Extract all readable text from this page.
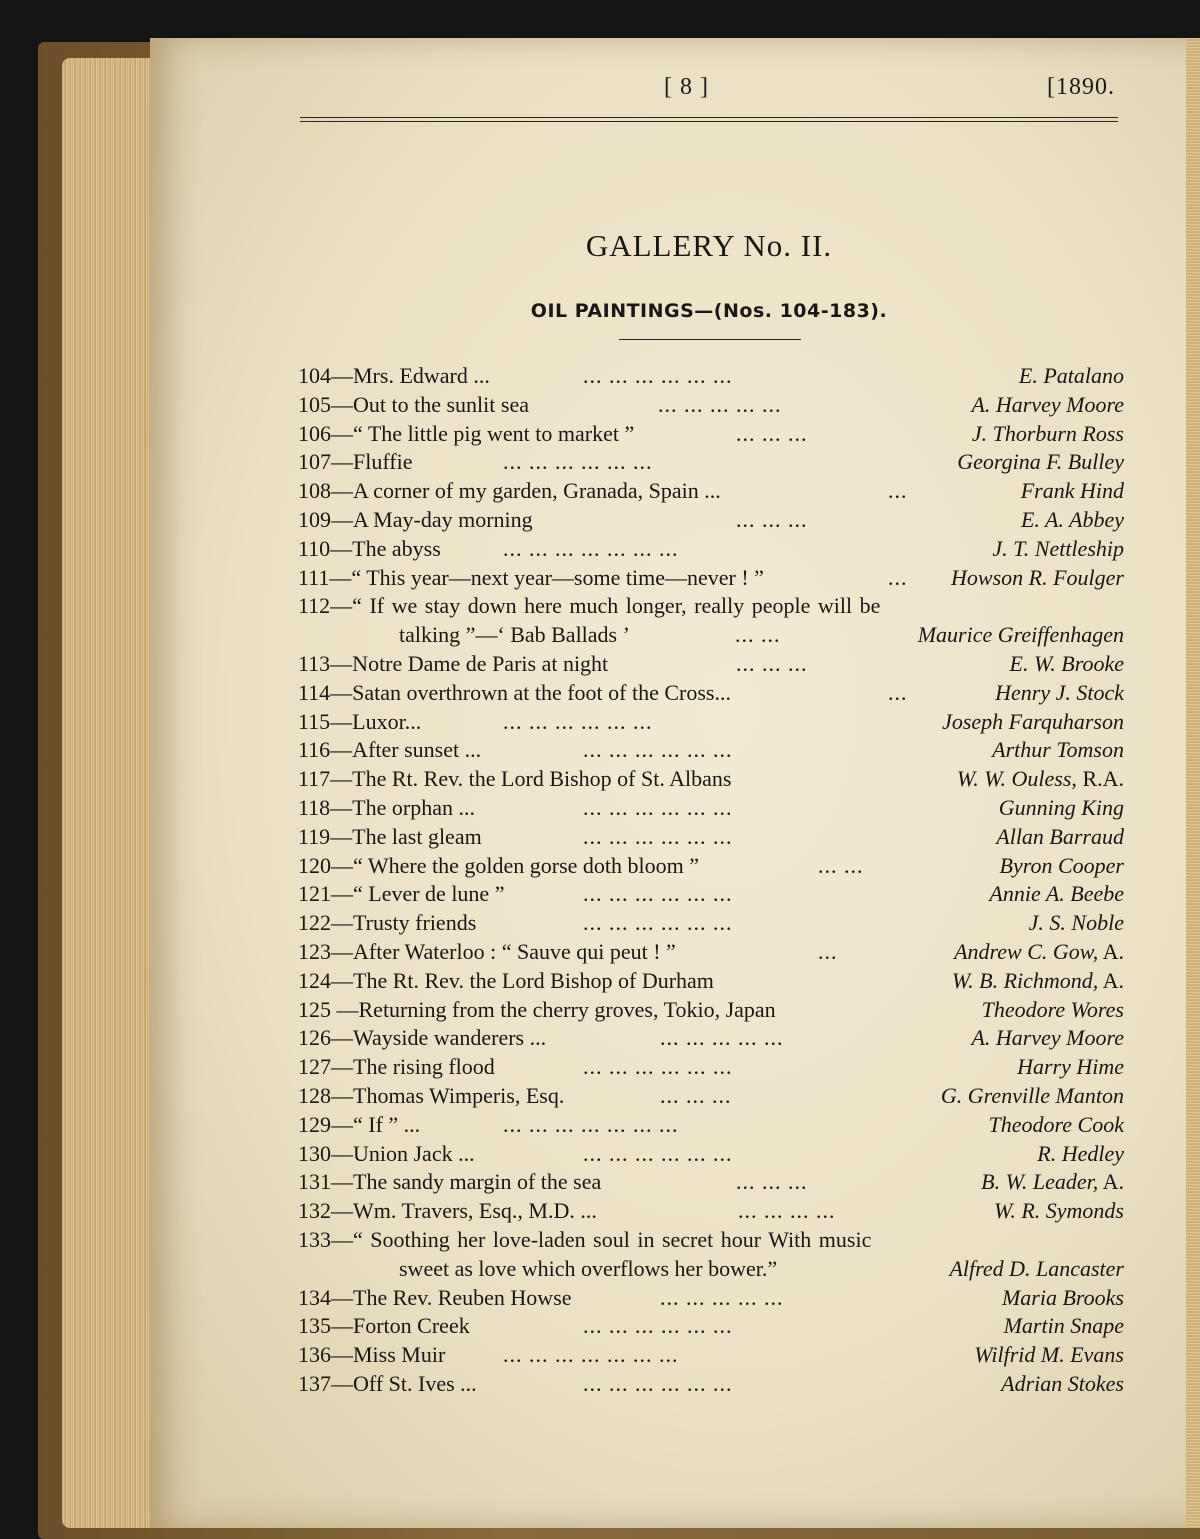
[ 8 ]	[1890.
GALLERY No. II.
OIL PAINTINGS—(Nos. 104-183).
104—Mrs. Edward ...	... ... ... ... ... ...	E. Patalano
105—Out to the sunlit sea	... ... ... ... ...	A. Harvey Moore
106—“ The little pig went to market ”	... ... ...	J. Thorburn Ross
107—Fluffie	... ... ... ... ... ...	Georgina F. Bulley
108—A corner of my garden, Granada, Spain ...	...	Frank Hind
109—A May-day morning	... ... ...	E. A. Abbey
110—The abyss	... ... ... ... ... ... ...	J. T. Nettleship
111—“ This year—next year—some time—never ! ”	... Howson R. Foulger
112—“ If we stay down here much longer, really people will be
talking ”—‘ Bab Ballads ’	... ...	Maurice Greiffenhagen
113—Notre Dame de Paris at night	... ... ...	E. W. Brooke
114—Satan overthrown at the foot of the Cross...	...	Henry J. Stock
115—Luxor...	... ... ... ... ... ...	Joseph Farquharson
116—After sunset ...	... ... ... ... ... ...	Arthur Tomson
117—The Rt. Rev. the Lord Bishop of St. Albans	W. W. Ouless, R.A.
118—The orphan ...	... ... ... ... ... ...	Gunning King
119—The last gleam	... ... ... ... ... ...	Allan Barraud
120—“ Where the golden gorse doth bloom ”	... ...	Byron Cooper
121—“ Lever de lune ”	... ... ... ... ... ...	Annie A. Beebe
122—Trusty friends	... ... ... ... ... ...	J. S. Noble
123—After Waterloo : “ Sauve qui peut ! ”	...	Andrew C. Gow, A.
124—The Rt. Rev. the Lord Bishop of Durham	W. B. Richmond, A.
125 —Returning from the cherry groves, Tokio, Japan	Theodore Wores
126—Wayside wanderers ...	... ... ... ... ...	A. Harvey Moore
127—The rising flood	... ... ... ... ... ...	Harry Hime
128—Thomas Wimperis, Esq.	... ... ...	G. Grenville Manton
129—“ If ” ...	... ... ... ... ... ... ...	Theodore Cook
130—Union Jack ...	... ... ... ... ... ...	R. Hedley
131—The sandy margin of the sea	... ... ...	B. W. Leader, A.
132—Wm. Travers, Esq., M.D. ...	... ... ... ...	W. R. Symonds
133—“ Soothing her love-laden soul in secret hour With music
sweet as love which overflows her bower.”	Alfred D. Lancaster
134—The Rev. Reuben Howse	... ... ... ... ...	Maria Brooks
135—Forton Creek	... ... ... ... ... ...	Martin Snape
136—Miss Muir	... ... ... ... ... ... ...	Wilfrid M. Evans
137—Off St. Ives ...	... ... ... ... ... ...	Adrian Stokes
